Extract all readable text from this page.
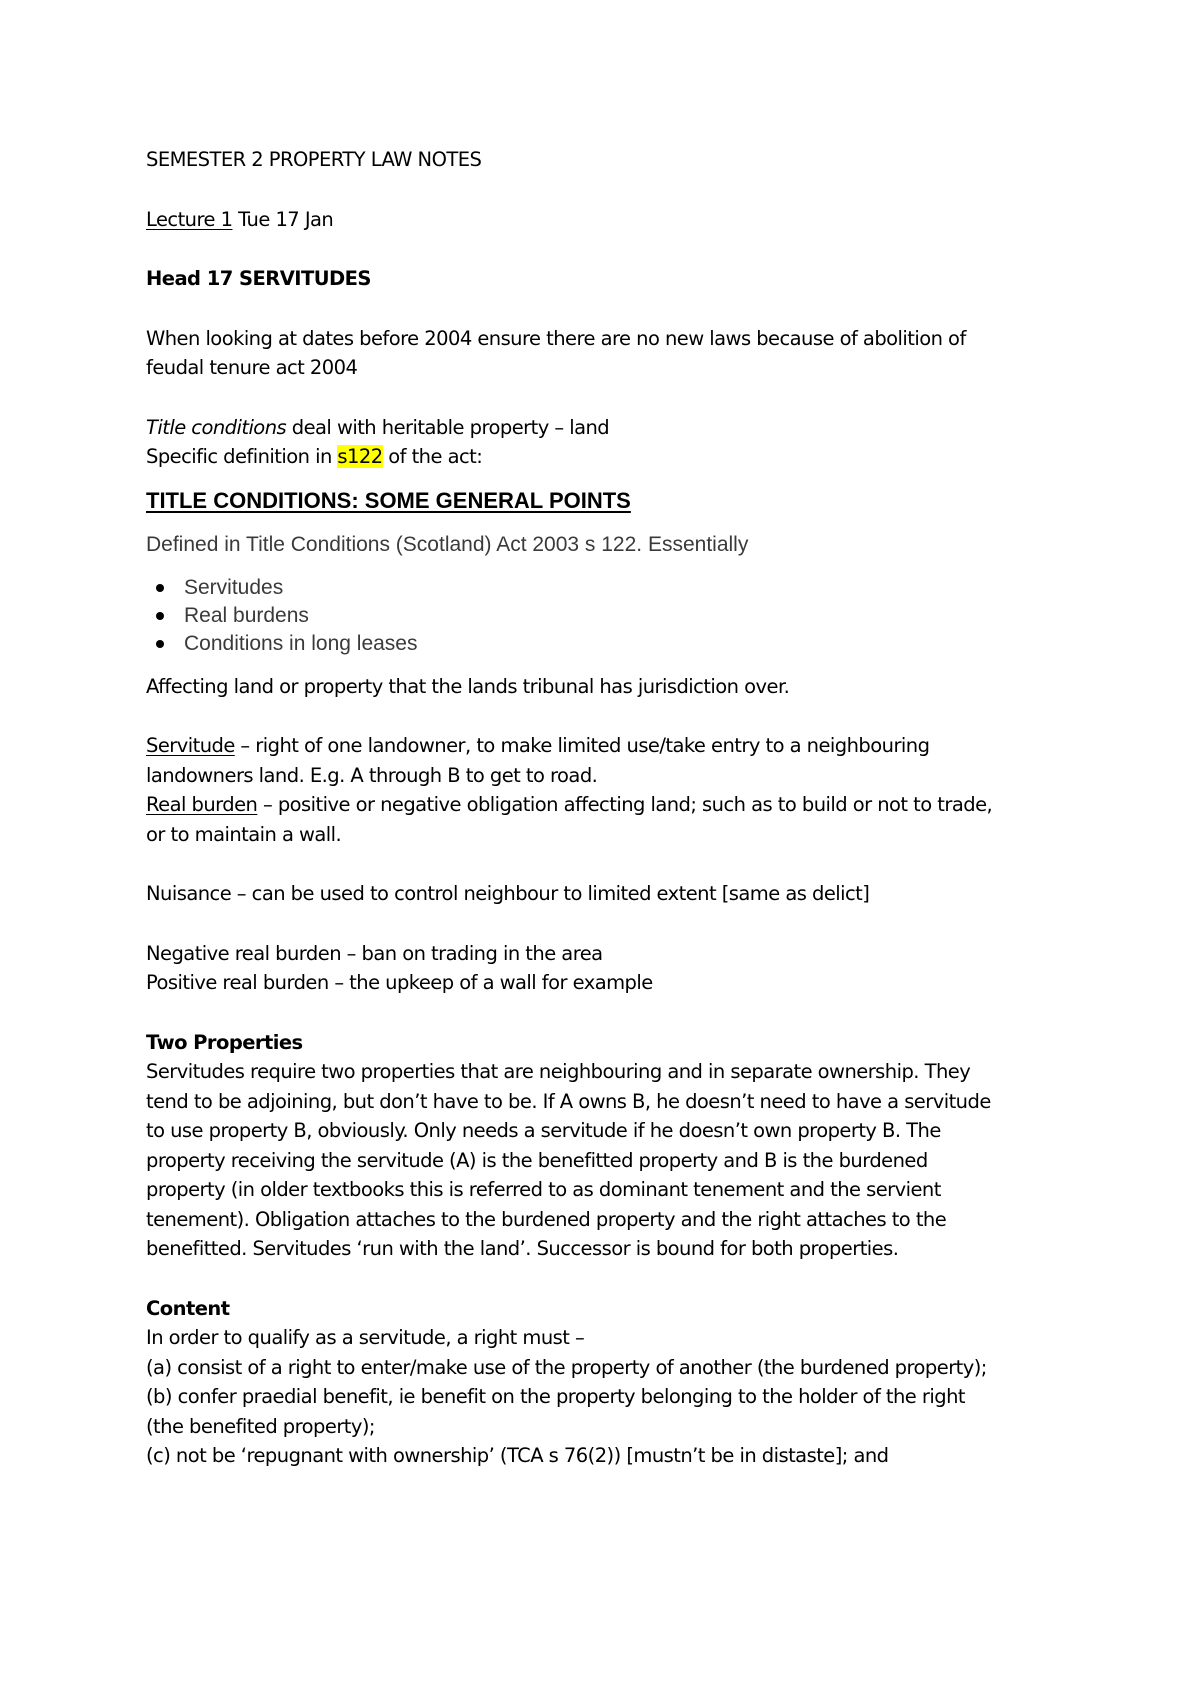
SEMESTER 2 PROPERTY LAW NOTES

Lecture 1 Tue 17 Jan

Head 17 SERVITUDES

When looking at dates before 2004 ensure there are no new laws because of abolition of

feudal tenure act 2004

Title conditions deal with heritable property – land

Specific definition in s122 of the act:

TITLE CONDITIONS: SOME GENERAL POINTS

Defined in Title Conditions (Scotland) Act 2003 s 122. Essentially

Servitudes
Real burdens
Conditions in long leases

Affecting land or property that the lands tribunal has jurisdiction over.

Servitude – right of one landowner, to make limited use/take entry to a neighbouring

landowners land. E.g. A through B to get to road.

Real burden – positive or negative obligation affecting land; such as to build or not to trade,

or to maintain a wall.

Nuisance – can be used to control neighbour to limited extent [same as delict]

Negative real burden – ban on trading in the area

Positive real burden – the upkeep of a wall for example

Two Properties

Servitudes require two properties that are neighbouring and in separate ownership. They

tend to be adjoining, but don’t have to be. If A owns B, he doesn’t need to have a servitude

to use property B, obviously. Only needs a servitude if he doesn’t own property B. The

property receiving the servitude (A) is the benefitted property and B is the burdened

property (in older textbooks this is referred to as dominant tenement and the servient

tenement). Obligation attaches to the burdened property and the right attaches to the

benefitted. Servitudes ‘run with the land’. Successor is bound for both properties.

Content

In order to qualify as a servitude, a right must –

(a) consist of a right to enter/make use of the property of another (the burdened property);

(b) confer praedial benefit, ie benefit on the property belonging to the holder of the right

(the benefited property);

(c) not be ‘repugnant with ownership’ (TCA s 76(2)) [mustn’t be in distaste]; and
